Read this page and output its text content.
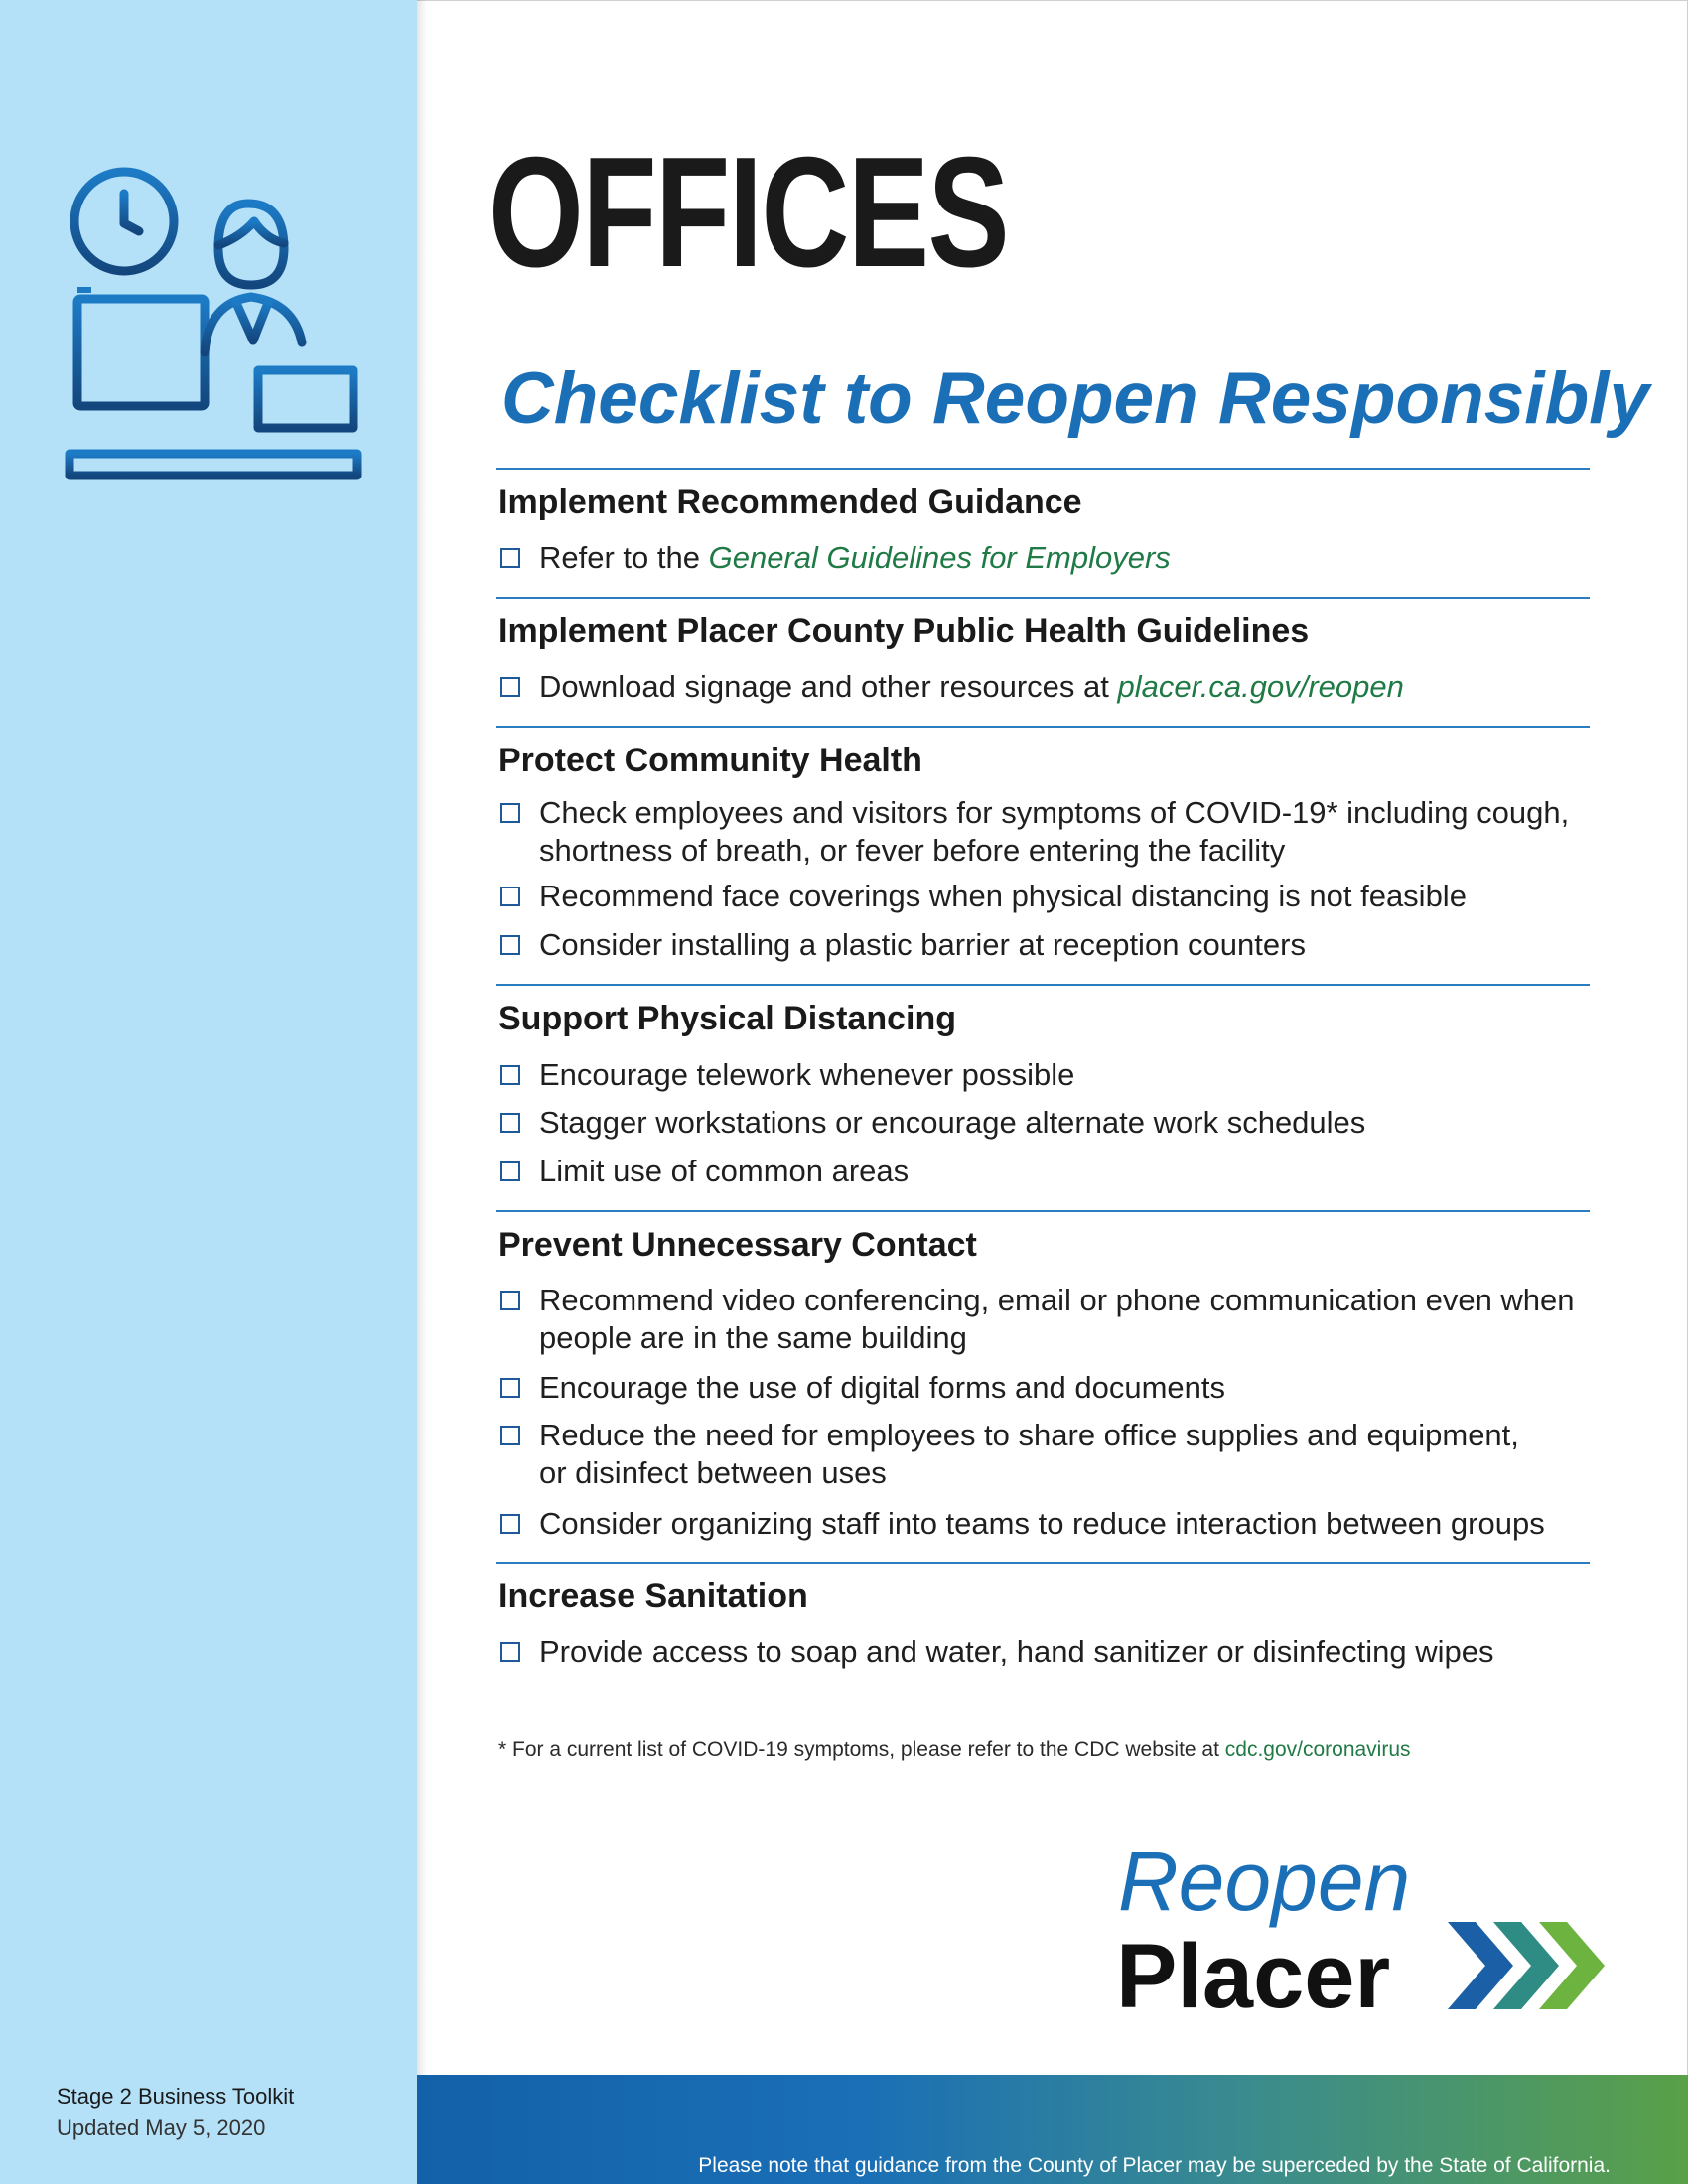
Stage 2 Business Toolkit
Updated May 5, 2020
OFFICES
Checklist to Reopen Responsibly
Implement Recommended Guidance
Refer to the General Guidelines for Employers
Implement Placer County Public Health Guidelines
Download signage and other resources at placer.ca.gov/reopen
Protect Community Health
Check employees and visitors for symptoms of COVID-19* including cough, shortness of breath, or fever before entering the facility
Recommend face coverings when physical distancing is not feasible
Consider installing a plastic barrier at reception counters
Support Physical Distancing
Encourage telework whenever possible
Stagger workstations or encourage alternate work schedules
Limit use of common areas
Prevent Unnecessary Contact
Recommend video conferencing, email or phone communication even when people are in the same building
Encourage the use of digital forms and documents
Reduce the need for employees to share office supplies and equipment, or disinfect between uses
Consider organizing staff into teams to reduce interaction between groups
Increase Sanitation
Provide access to soap and water, hand sanitizer or disinfecting wipes
* For a current list of COVID-19 symptoms, please refer to the CDC website at cdc.gov/coronavirus
Reopen
Placer

Please note that guidance from the County of Placer may be superceded by the State of California.
